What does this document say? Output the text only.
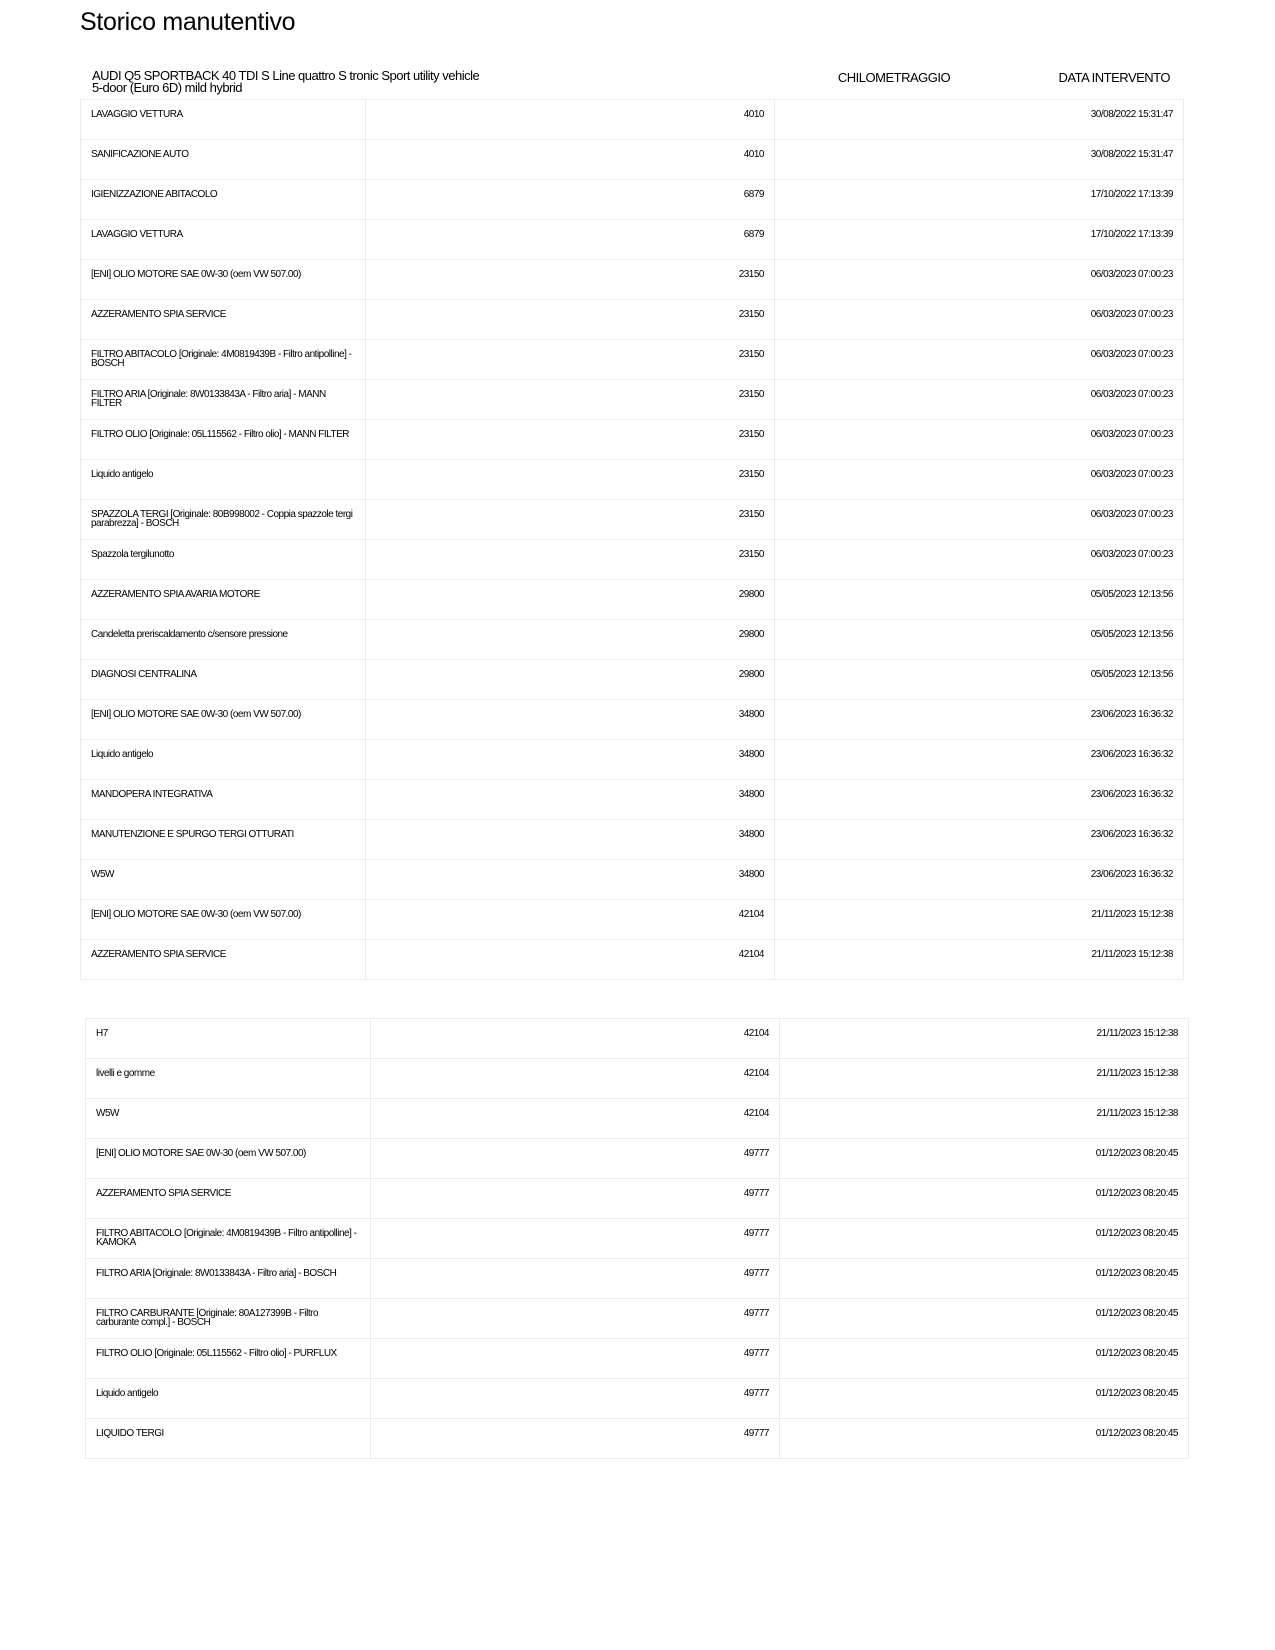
Storico manutentivo
AUDI Q5 SPORTBACK 40 TDI S Line quattro S tronic Sport utility vehicle 5-door (Euro 6D) mild hybrid
CHILOMETRAGGIO	DATA INTERVENTO
LAVAGGIO VETTURA	4010	30/08/2022 15:31:47
SANIFICAZIONE AUTO	4010	30/08/2022 15:31:47
IGIENIZZAZIONE ABITACOLO	6879	17/10/2022 17:13:39
LAVAGGIO VETTURA	6879	17/10/2022 17:13:39
[ENI] OLIO MOTORE SAE 0W-30 (oem VW 507.00)	23150	06/03/2023 07:00:23
AZZERAMENTO SPIA SERVICE	23150	06/03/2023 07:00:23
FILTRO ABITACOLO [Originale: 4M0819439B - Filtro antipolline] - BOSCH	23150	06/03/2023 07:00:23
FILTRO ARIA [Originale: 8W0133843A - Filtro aria] - MANN FILTER	23150	06/03/2023 07:00:23
FILTRO OLIO [Originale: 05L115562 - Filtro olio] - MANN FILTER	23150	06/03/2023 07:00:23
Liquido antigelo	23150	06/03/2023 07:00:23
SPAZZOLA TERGI [Originale: 80B998002 - Coppia spazzole tergi parabrezza] - BOSCH	23150	06/03/2023 07:00:23
Spazzola tergilunotto	23150	06/03/2023 07:00:23
AZZERAMENTO SPIA AVARIA MOTORE	29800	05/05/2023 12:13:56
Candeletta preriscaldamento c/sensore pressione	29800	05/05/2023 12:13:56
DIAGNOSI CENTRALINA	29800	05/05/2023 12:13:56
[ENI] OLIO MOTORE SAE 0W-30 (oem VW 507.00)	34800	23/06/2023 16:36:32
Liquido antigelo	34800	23/06/2023 16:36:32
MANDOPERA INTEGRATIVA	34800	23/06/2023 16:36:32
MANUTENZIONE E SPURGO TERGI OTTURATI	34800	23/06/2023 16:36:32
W5W	34800	23/06/2023 16:36:32
[ENI] OLIO MOTORE SAE 0W-30 (oem VW 507.00)	42104	21/11/2023 15:12:38
AZZERAMENTO SPIA SERVICE	42104	21/11/2023 15:12:38
H7	42104	21/11/2023 15:12:38
livelli e gomme	42104	21/11/2023 15:12:38
W5W	42104	21/11/2023 15:12:38
[ENI] OLIO MOTORE SAE 0W-30 (oem VW 507.00)	49777	01/12/2023 08:20:45
AZZERAMENTO SPIA SERVICE	49777	01/12/2023 08:20:45
FILTRO ABITACOLO [Originale: 4M0819439B - Filtro antipolline] - KAMOKA	49777	01/12/2023 08:20:45
FILTRO ARIA [Originale: 8W0133843A - Filtro aria] - BOSCH	49777	01/12/2023 08:20:45
FILTRO CARBURANTE [Originale: 80A127399B - Filtro carburante compl.] - BOSCH	49777	01/12/2023 08:20:45
FILTRO OLIO [Originale: 05L115562 - Filtro olio] - PURFLUX	49777	01/12/2023 08:20:45
Liquido antigelo	49777	01/12/2023 08:20:45
LIQUIDO TERGI	49777	01/12/2023 08:20:45
